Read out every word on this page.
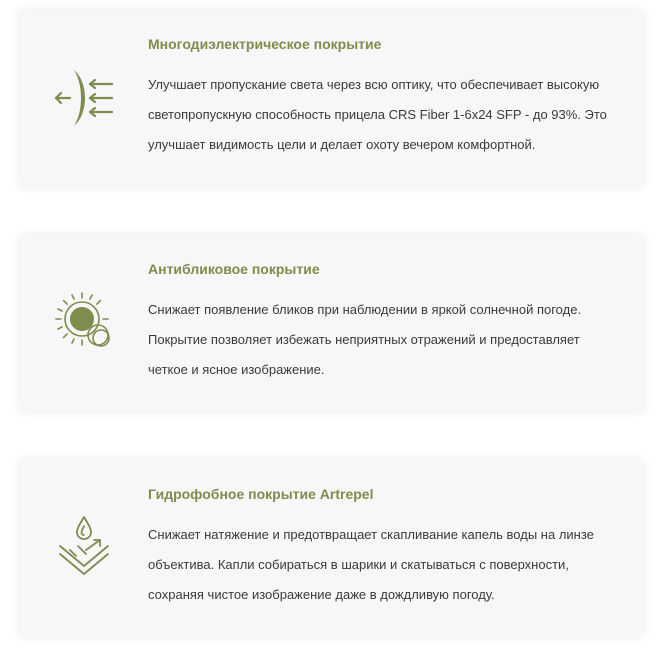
Многодиэлектрическое покрытие
Улучшает пропускание света через всю оптику, что обеспечивает высокую светопропускную способность прицела CRS Fiber 1-6x24 SFP - до 93%. Это улучшает видимость цели и делает охоту вечером комфортной.
Антибликовое покрытие
Снижает появление бликов при наблюдении в яркой солнечной погоде. Покрытие позволяет избежать неприятных отражений и предоставляет четкое и ясное изображение.
Гидрофобное покрытие Artrepel
Снижает натяжение и предотвращает скапливание капель воды на линзе объектива. Капли собираться в шарики и скатываться с поверхности, сохраняя чистое изображение даже в дождливую погоду.
